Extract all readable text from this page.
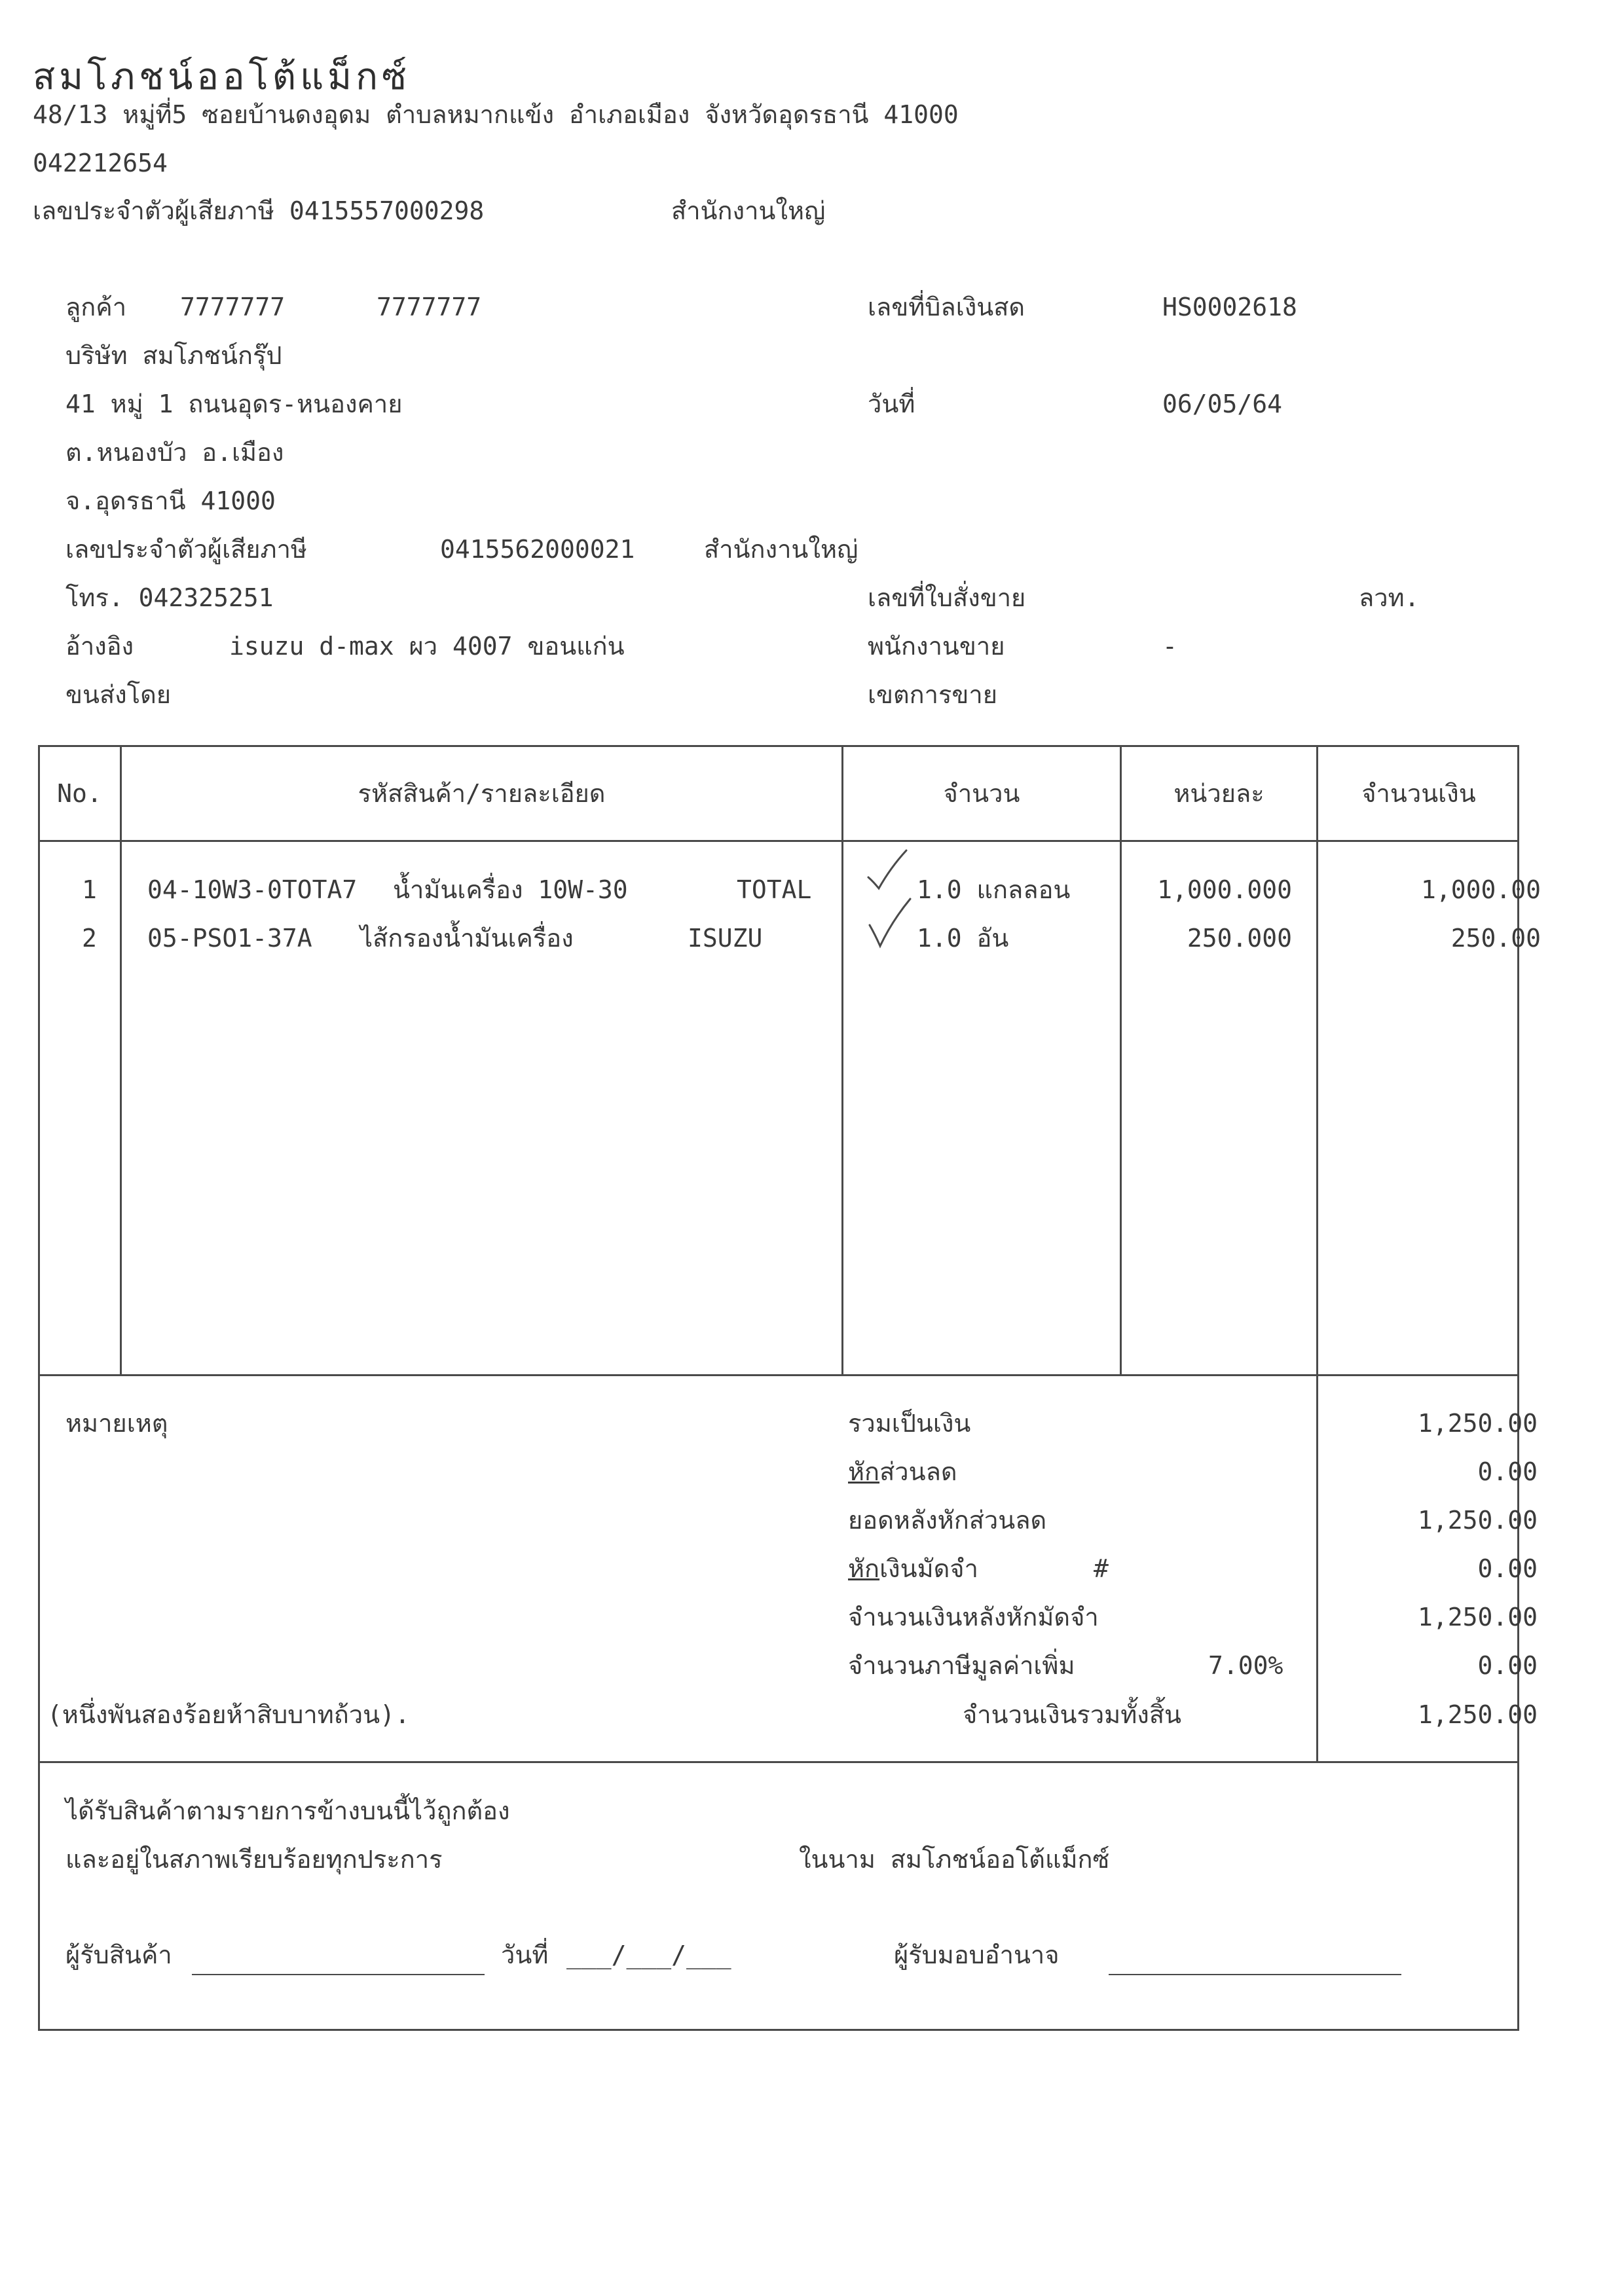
สมโภชน์ออโต้แม็กซ์
48/13 หมู่ที่5 ซอยบ้านดงอุดม ตำบลหมากแข้ง อำเภอเมือง จังหวัดอุดรธานี 41000
042212654
เลขประจำตัวผู้เสียภาษี 0415557000298	สำนักงานใหญ่
ลูกค้า 7777777	7777777
บริษัท สมโภชน์กรุ๊ป
41 หมู่ 1 ถนนอุดร-หนองคาย
ต.หนองบัว อ.เมือง
จ.อุดรธานี 41000
เลขประจำตัวผู้เสียภาษี	0415562000021	สำนักงานใหญ่
โทร. 042325251
อ้างอิง	isuzu d-max ผว 4007 ขอนแก่น
ขนส่งโดย
เลขที่บิลเงินสด	HS0002618
วันที่	06/05/64
เลขที่ใบสั่งขาย	ลวท.
พนักงานขาย	-
เขตการขาย
No.	รหัสสินค้า/รายละเอียด	จำนวน	หน่วยละ	จำนวนเงิน
1 04-10W3-0TOTA7 น้ำมันเครื่อง 10W-30	TOTAL	1.0 แกลลอน	1,000.000	1,000.00
2 05-PSO1-37A ไส้กรองน้ำมันเครื่อง	ISUZU	1.0 อัน	250.000	250.00
หมายเหตุ
(หนึ่งพันสองร้อยห้าสิบบาทถ้วน).
รวมเป็นเงิน	1,250.00
หักส่วนลด	0.00
ยอดหลังหักส่วนลด	1,250.00
หักเงินมัดจำ	#	0.00
จำนวนเงินหลังหักมัดจำ	1,250.00
จำนวนภาษีมูลค่าเพิ่ม	7.00%	0.00
จำนวนเงินรวมทั้งสิ้น	1,250.00
ได้รับสินค้าตามรายการข้างบนนี้ไว้ถูกต้อง
และอยู่ในสภาพเรียบร้อยทุกประการ	ในนาม สมโภชน์ออโต้แม็กซ์
ผู้รับสินค้า	วันที่ ___/___/___	ผู้รับมอบอำนาจ
